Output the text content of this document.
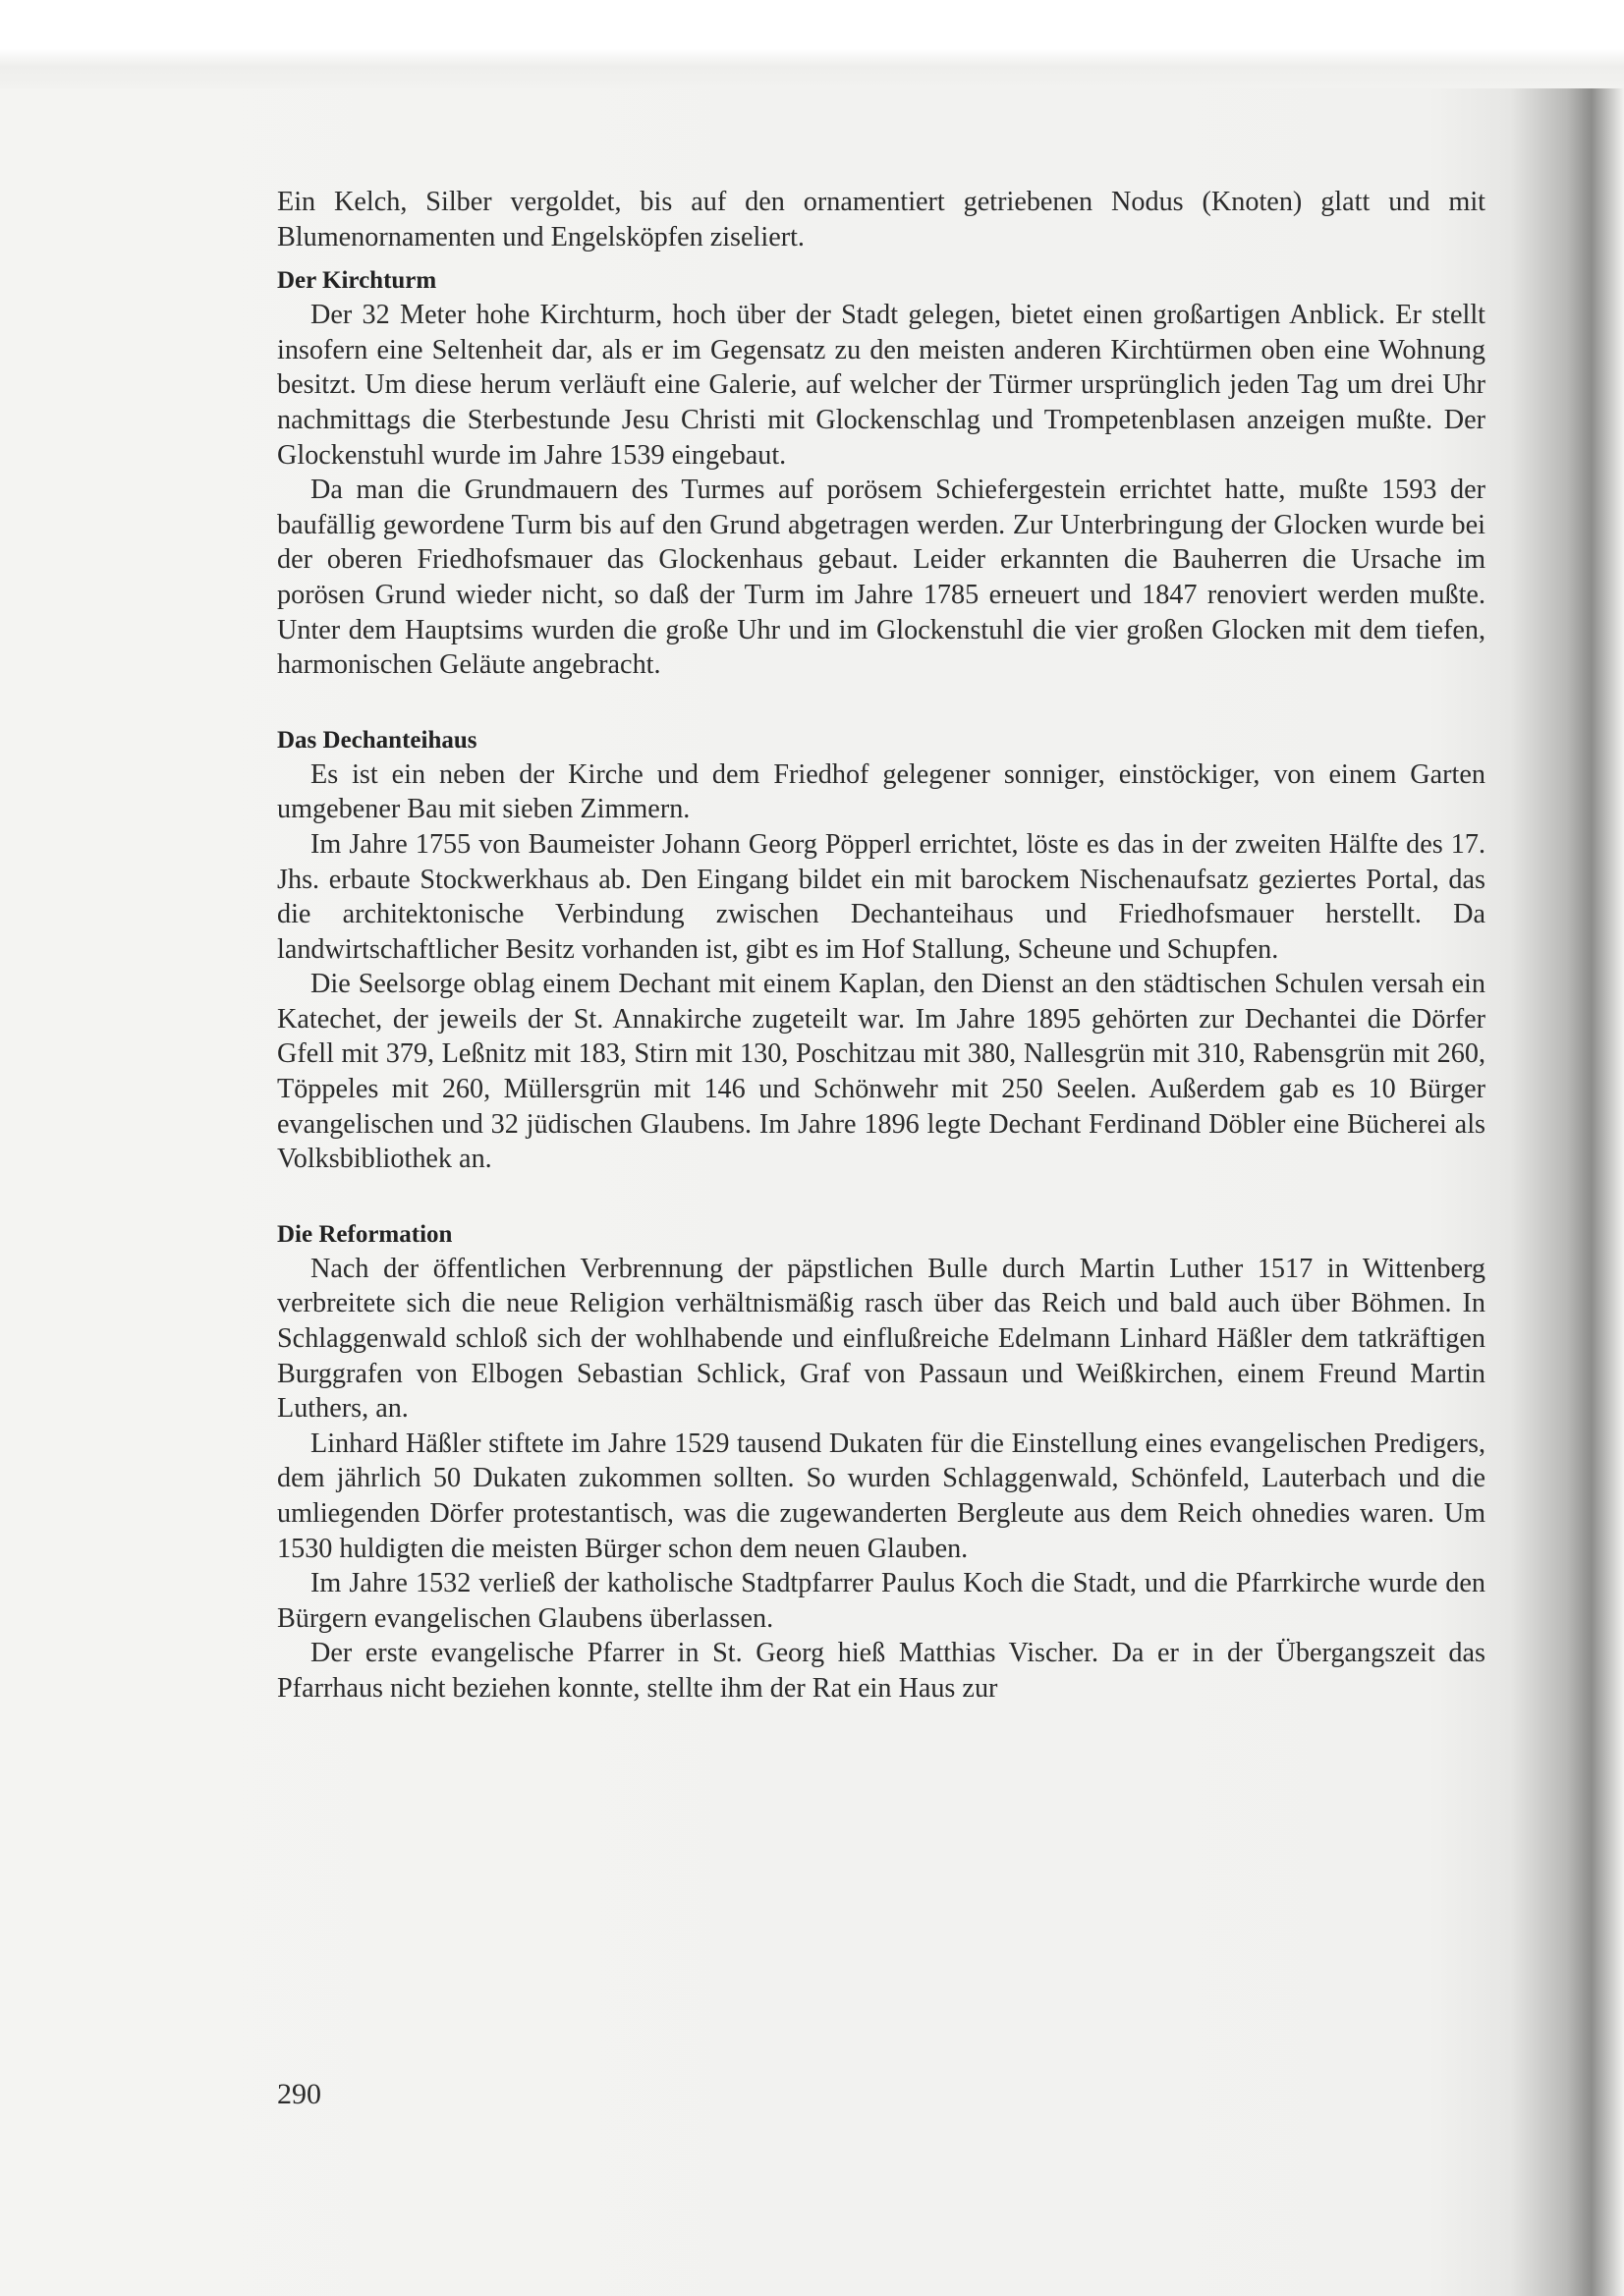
Ein Kelch, Silber vergoldet, bis auf den ornamentiert getriebenen Nodus (Knoten) glatt und mit Blumenornamenten und Engelsköpfen ziseliert.

Der Kirchturm

Der 32 Meter hohe Kirchturm, hoch über der Stadt gelegen, bietet einen großartigen Anblick. Er stellt insofern eine Seltenheit dar, als er im Gegensatz zu den meisten anderen Kirchtürmen oben eine Wohnung besitzt. Um diese herum verläuft eine Galerie, auf welcher der Türmer ursprünglich jeden Tag um drei Uhr nachmittags die Sterbestunde Jesu Christi mit Glockenschlag und Trompetenblasen anzeigen mußte. Der Glockenstuhl wurde im Jahre 1539 eingebaut.

Da man die Grundmauern des Turmes auf porösem Schiefergestein errichtet hatte, mußte 1593 der baufällig gewordene Turm bis auf den Grund abgetragen werden. Zur Unterbringung der Glocken wurde bei der oberen Friedhofsmauer das Glockenhaus gebaut. Leider erkannten die Bauherren die Ursache im porösen Grund wieder nicht, so daß der Turm im Jahre 1785 erneuert und 1847 renoviert werden mußte. Unter dem Hauptsims wurden die große Uhr und im Glockenstuhl die vier großen Glocken mit dem tiefen, harmonischen Geläute angebracht.

Das Dechanteihaus

Es ist ein neben der Kirche und dem Friedhof gelegener sonniger, einstöckiger, von einem Garten umgebener Bau mit sieben Zimmern.

Im Jahre 1755 von Baumeister Johann Georg Pöpperl errichtet, löste es das in der zweiten Hälfte des 17. Jhs. erbaute Stockwerkhaus ab. Den Eingang bildet ein mit barockem Nischenaufsatz geziertes Portal, das die architektonische Verbindung zwischen Dechanteihaus und Friedhofsmauer herstellt. Da landwirtschaftlicher Besitz vorhanden ist, gibt es im Hof Stallung, Scheune und Schupfen.

Die Seelsorge oblag einem Dechant mit einem Kaplan, den Dienst an den städtischen Schulen versah ein Katechet, der jeweils der St. Annakirche zugeteilt war. Im Jahre 1895 gehörten zur Dechantei die Dörfer Gfell mit 379, Leßnitz mit 183, Stirn mit 130, Poschitzau mit 380, Nallesgrün mit 310, Rabensgrün mit 260, Töppeles mit 260, Müllersgrün mit 146 und Schönwehr mit 250 Seelen. Außerdem gab es 10 Bürger evangelischen und 32 jüdischen Glaubens. Im Jahre 1896 legte Dechant Ferdinand Döbler eine Bücherei als Volksbibliothek an.

Die Reformation

Nach der öffentlichen Verbrennung der päpstlichen Bulle durch Martin Luther 1517 in Wittenberg verbreitete sich die neue Religion verhältnismäßig rasch über das Reich und bald auch über Böhmen. In Schlaggenwald schloß sich der wohlhabende und einflußreiche Edelmann Linhard Häßler dem tatkräftigen Burggrafen von Elbogen Sebastian Schlick, Graf von Passaun und Weißkirchen, einem Freund Martin Luthers, an.

Linhard Häßler stiftete im Jahre 1529 tausend Dukaten für die Einstellung eines evangelischen Predigers, dem jährlich 50 Dukaten zukommen sollten. So wurden Schlaggenwald, Schönfeld, Lauterbach und die umliegenden Dörfer protestantisch, was die zugewanderten Bergleute aus dem Reich ohnedies waren. Um 1530 huldigten die meisten Bürger schon dem neuen Glauben.

Im Jahre 1532 verließ der katholische Stadtpfarrer Paulus Koch die Stadt, und die Pfarrkirche wurde den Bürgern evangelischen Glaubens überlassen.

Der erste evangelische Pfarrer in St. Georg hieß Matthias Vischer. Da er in der Übergangszeit das Pfarrhaus nicht beziehen konnte, stellte ihm der Rat ein Haus zur

290
